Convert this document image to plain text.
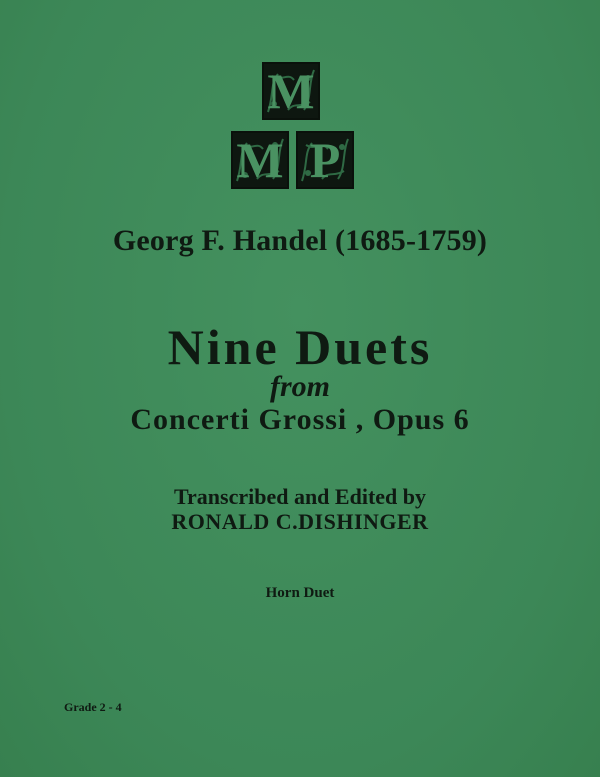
M
M P
Georg F. Handel (1685-1759)
Nine Duets
from
Concerti Grossi , Opus 6
Transcribed and Edited by
RONALD C.DISHINGER
Horn Duet
Grade 2 - 4
